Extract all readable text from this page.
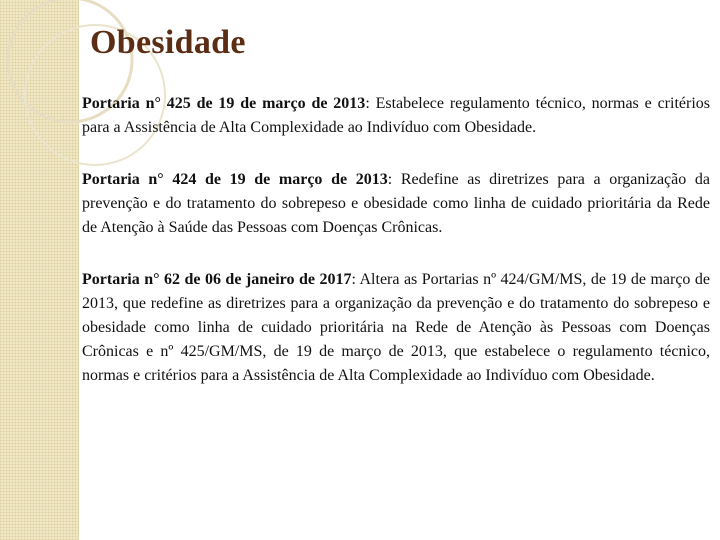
Obesidade

Portaria n° 425 de 19 de março de 2013: Estabelece regulamento técnico, normas e critérios para a Assistência de Alta Complexidade ao Indivíduo com Obesidade.

Portaria n° 424 de 19 de março de 2013: Redefine as diretrizes para a organização da prevenção e do tratamento do sobrepeso e obesidade como linha de cuidado prioritária da Rede de Atenção à Saúde das Pessoas com Doenças Crônicas.

Portaria n° 62 de 06 de janeiro de 2017: Altera as Portarias nº 424/GM/MS, de 19 de março de 2013, que redefine as diretrizes para a organização da prevenção e do tratamento do sobrepeso e obesidade como linha de cuidado prioritária na Rede de Atenção às Pessoas com Doenças Crônicas e nº 425/GM/MS, de 19 de março de 2013, que estabelece o regulamento técnico, normas e critérios para a Assistência de Alta Complexidade ao Indivíduo com Obesidade.
